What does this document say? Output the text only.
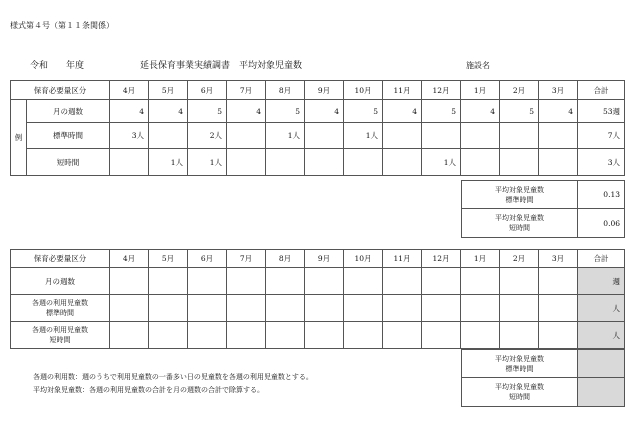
様式第４号（第１１条関係）
令和 年度	延長保育事業実績調書　平均対象児童数	施設名
保育必要量区分		4月	5月	6月	7月	8月	9月	10月	11月	12月	1月	2月	3月	合計
例	月の週数	4	4	5	4	5	4	5	4	5	4	5	4	53週
	標準時間	3人		2人		1人		1人						7人
	短時間		1人	1人						1人				3人
平均対象児童数
標準時間	0.13

平均対象児童数
短時間	0.06
保育必要量区分	4月	5月	6月	7月	8月	9月	10月	11月	12月	1月	2月	3月	合計
月の週数													週

各週の利用児童数
標準時間													人

各週の利用児童数
短時間													人
平均対象児童数
標準時間	

平均対象児童数
短時間	

各週の利用数：週のうちで利用児童数の一番多い日の児童数を各週の利用児童数とする。
平均対象児童数：各週の利用児童数の合計を月の週数の合計で除算する。
